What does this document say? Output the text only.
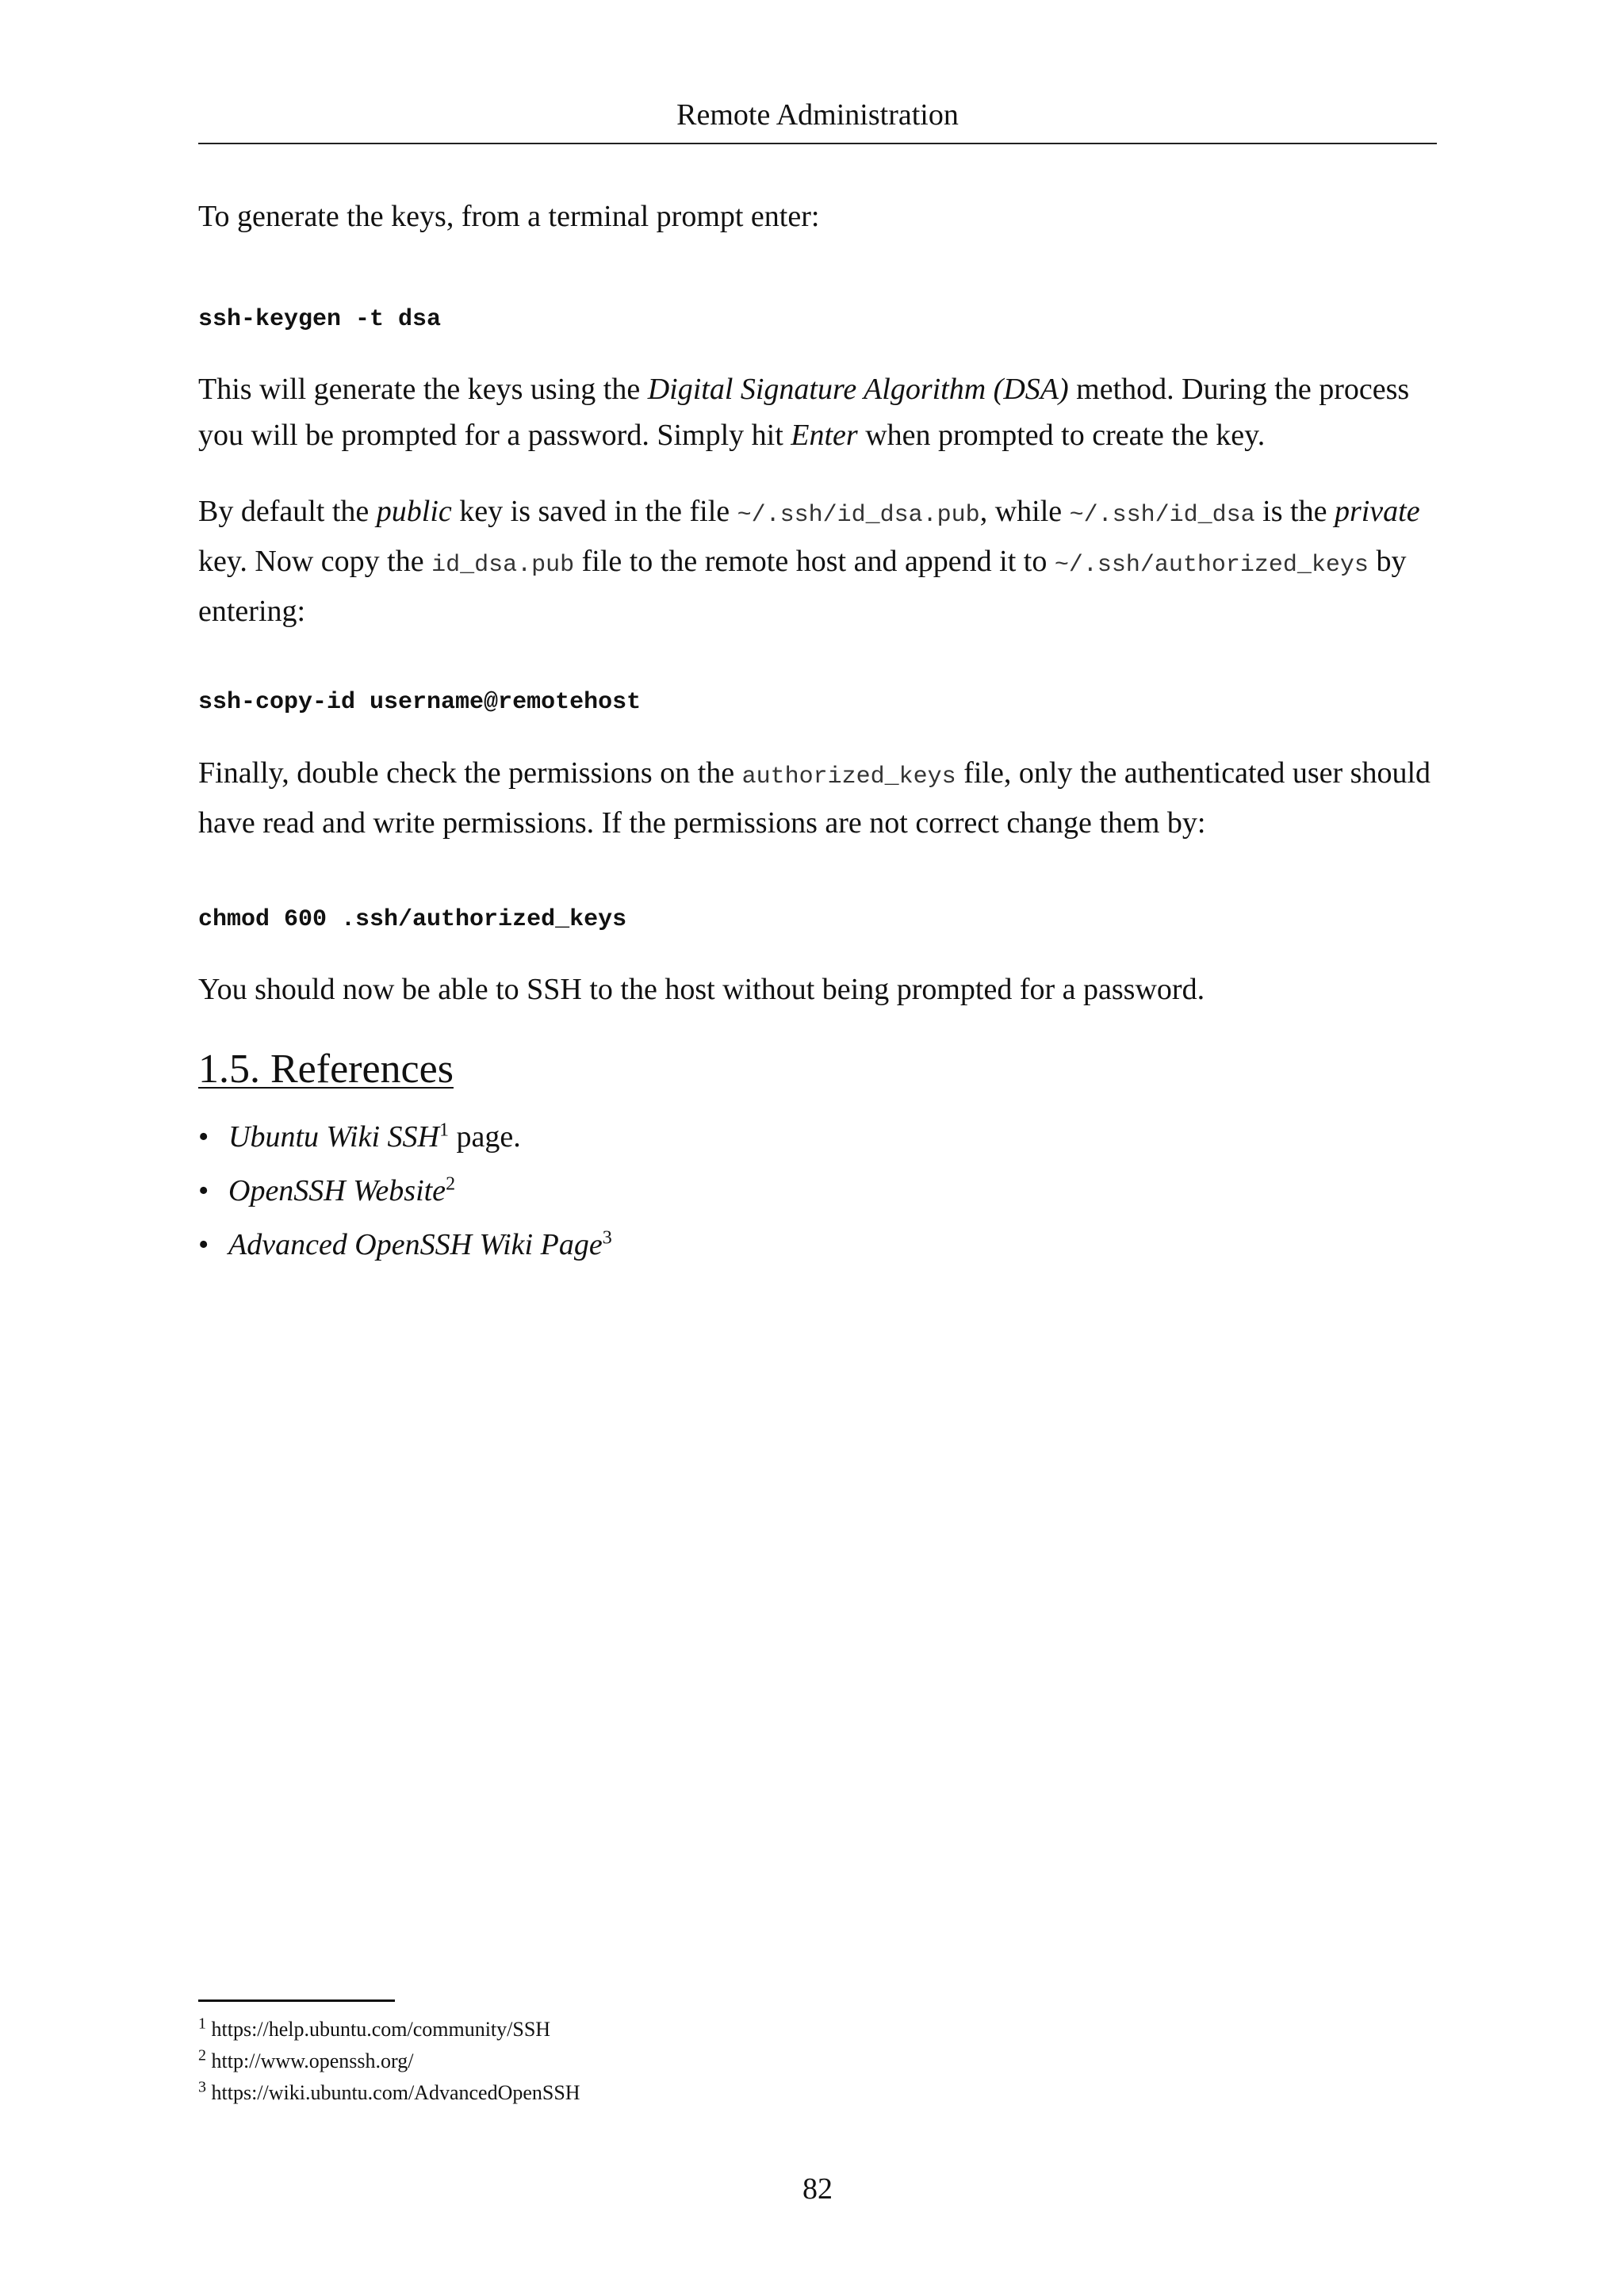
Remote Administration

To generate the keys, from a terminal prompt enter:

ssh-keygen -t dsa

This will generate the keys using the Digital Signature Algorithm (DSA) method. During the process you will be prompted for a password. Simply hit Enter when prompted to create the key.

By default the public key is saved in the file ~/.ssh/id_dsa.pub, while ~/.ssh/id_dsa is the private key. Now copy the id_dsa.pub file to the remote host and append it to ~/.ssh/authorized_keys by entering:

ssh-copy-id username@remotehost

Finally, double check the permissions on the authorized_keys file, only the authenticated user should have read and write permissions. If the permissions are not correct change them by:

chmod 600 .ssh/authorized_keys

You should now be able to SSH to the host without being prompted for a password.

1.5. References
• Ubuntu Wiki SSH$^1$ page.
• OpenSSH Website$^2$
• Advanced OpenSSH Wiki Page$^3$
$^1$ https://help.ubuntu.com/community/SSH
$^2$ http://www.openssh.org/
$^3$ https://wiki.ubuntu.com/AdvancedOpenSSH
82
